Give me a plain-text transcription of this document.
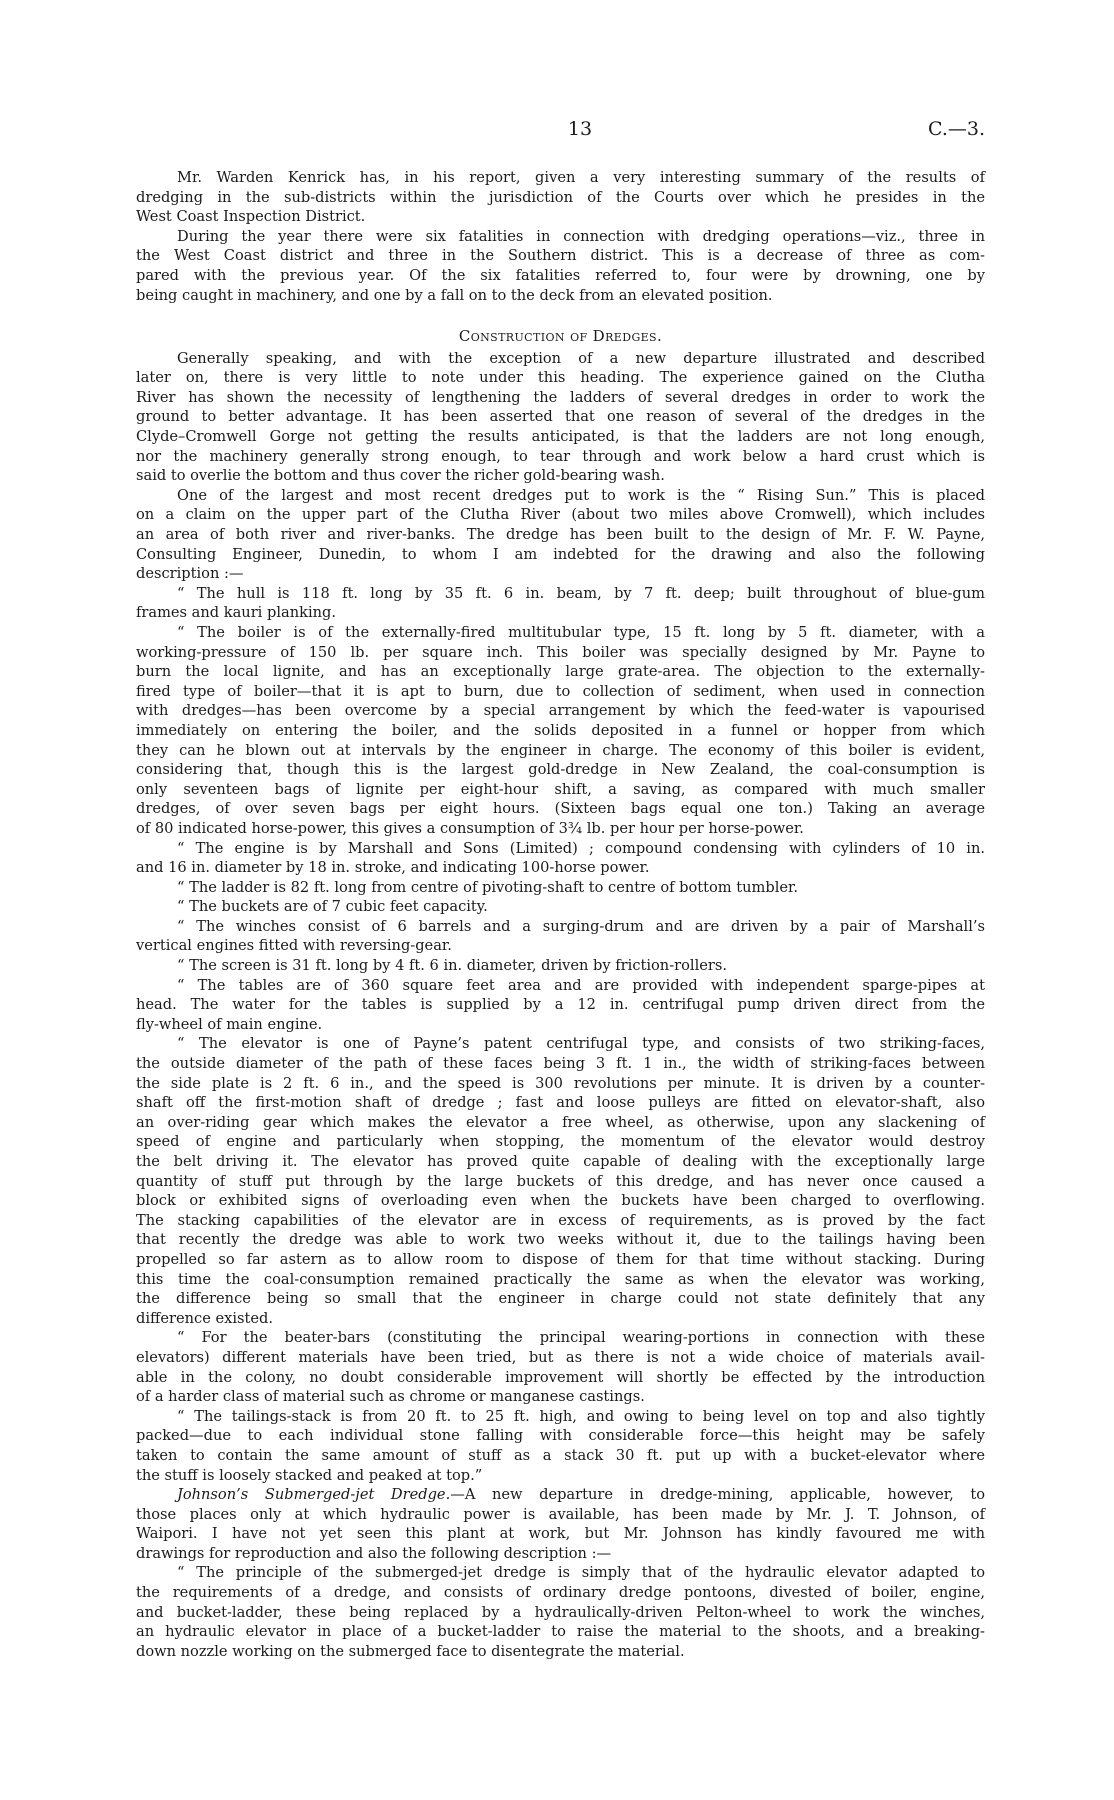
13	C.—3.
Mr. Warden Kenrick has, in his report, given a very interesting summary of the results of
dredging in the sub-districts within the jurisdiction of the Courts over which he presides in the
West Coast Inspection District.
During the year there were six fatalities in connection with dredging operations—viz., three in
the West Coast district and three in the Southern district. This is a decrease of three as com-
pared with the previous year. Of the six fatalities referred to, four were by drowning, one by
being caught in machinery, and one by a fall on to the deck from an elevated position.
Construction of Dredges.
Generally speaking, and with the exception of a new departure illustrated and described
later on, there is very little to note under this heading. The experience gained on the Clutha
River has shown the necessity of lengthening the ladders of several dredges in order to work the
ground to better advantage. It has been asserted that one reason of several of the dredges in the
Clyde–Cromwell Gorge not getting the results anticipated, is that the ladders are not long enough,
nor the machinery generally strong enough, to tear through and work below a hard crust which is
said to overlie the bottom and thus cover the richer gold-bearing wash.
One of the largest and most recent dredges put to work is the “ Rising Sun.” This is placed
on a claim on the upper part of the Clutha River (about two miles above Cromwell), which includes
an area of both river and river-banks. The dredge has been built to the design of Mr. F. W. Payne,
Consulting Engineer, Dunedin, to whom I am indebted for the drawing and also the following
description :—
“ The hull is 118 ft. long by 35 ft. 6 in. beam, by 7 ft. deep; built throughout of blue-gum
frames and kauri planking.
“ The boiler is of the externally-fired multitubular type, 15 ft. long by 5 ft. diameter, with a
working-pressure of 150 lb. per square inch. This boiler was specially designed by Mr. Payne to
burn the local lignite, and has an exceptionally large grate-area. The objection to the externally-
fired type of boiler—that it is apt to burn, due to collection of sediment, when used in connection
with dredges—has been overcome by a special arrangement by which the feed-water is vapourised
immediately on entering the boiler, and the solids deposited in a funnel or hopper from which
they can he blown out at intervals by the engineer in charge. The economy of this boiler is evident,
considering that, though this is the largest gold-dredge in New Zealand, the coal-consumption is
only seventeen bags of lignite per eight-hour shift, a saving, as compared with much smaller
dredges, of over seven bags per eight hours. (Sixteen bags equal one ton.) Taking an average
of 80 indicated horse-power, this gives a consumption of 3¾ lb. per hour per horse-power.
“ The engine is by Marshall and Sons (Limited) ; compound condensing with cylinders of 10 in.
and 16 in. diameter by 18 in. stroke, and indicating 100-horse power.
“ The ladder is 82 ft. long from centre of pivoting-shaft to centre of bottom tumbler.
“ The buckets are of 7 cubic feet capacity.
“ The winches consist of 6 barrels and a surging-drum and are driven by a pair of Marshall’s
vertical engines fitted with reversing-gear.
“ The screen is 31 ft. long by 4 ft. 6 in. diameter, driven by friction-rollers.
“ The tables are of 360 square feet area and are provided with independent sparge-pipes at
head. The water for the tables is supplied by a 12 in. centrifugal pump driven direct from the
fly-wheel of main engine.
“ The elevator is one of Payne’s patent centrifugal type, and consists of two striking-faces,
the outside diameter of the path of these faces being 3 ft. 1 in., the width of striking-faces between
the side plate is 2 ft. 6 in., and the speed is 300 revolutions per minute. It is driven by a counter-
shaft off the first-motion shaft of dredge ; fast and loose pulleys are fitted on elevator-shaft, also
an over-riding gear which makes the elevator a free wheel, as otherwise, upon any slackening of
speed of engine and particularly when stopping, the momentum of the elevator would destroy
the belt driving it. The elevator has proved quite capable of dealing with the exceptionally large
quantity of stuff put through by the large buckets of this dredge, and has never once caused a
block or exhibited signs of overloading even when the buckets have been charged to overflowing.
The stacking capabilities of the elevator are in excess of requirements, as is proved by the fact
that recently the dredge was able to work two weeks without it, due to the tailings having been
propelled so far astern as to allow room to dispose of them for that time without stacking. During
this time the coal-consumption remained practically the same as when the elevator was working,
the difference being so small that the engineer in charge could not state definitely that any
difference existed.
“ For the beater-bars (constituting the principal wearing-portions in connection with these
elevators) different materials have been tried, but as there is not a wide choice of materials avail-
able in the colony, no doubt considerable improvement will shortly be effected by the introduction
of a harder class of material such as chrome or manganese castings.
“ The tailings-stack is from 20 ft. to 25 ft. high, and owing to being level on top and also tightly
packed—due to each individual stone falling with considerable force—this height may be safely
taken to contain the same amount of stuff as a stack 30 ft. put up with a bucket-elevator where
the stuff is loosely stacked and peaked at top.”
Johnson’s Submerged-jet Dredge.—A new departure in dredge-mining, applicable, however, to
those places only at which hydraulic power is available, has been made by Mr. J. T. Johnson, of
Waipori. I have not yet seen this plant at work, but Mr. Johnson has kindly favoured me with
drawings for reproduction and also the following description :—
“ The principle of the submerged-jet dredge is simply that of the hydraulic elevator adapted to
the requirements of a dredge, and consists of ordinary dredge pontoons, divested of boiler, engine,
and bucket-ladder, these being replaced by a hydraulically-driven Pelton-wheel to work the winches,
an hydraulic elevator in place of a bucket-ladder to raise the material to the shoots, and a breaking-
down nozzle working on the submerged face to disentegrate the material.
